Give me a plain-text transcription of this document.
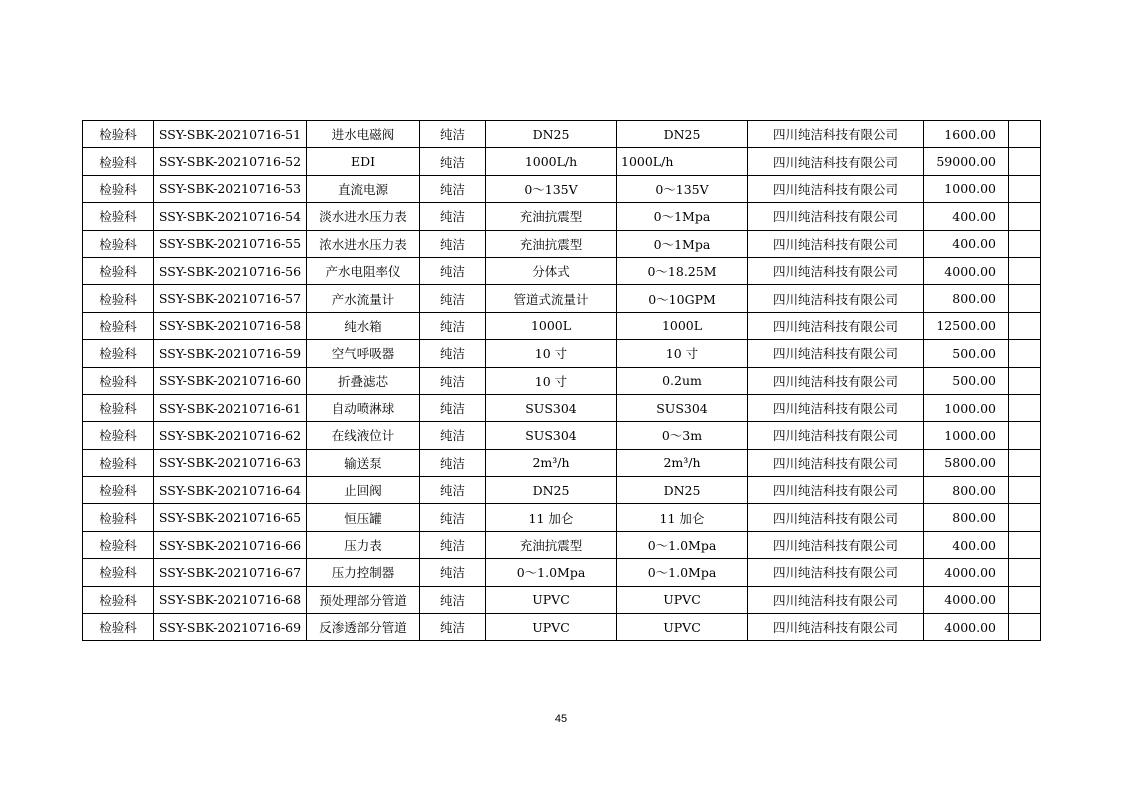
检验科	SSY-SBK-20210716-51	进水电磁阀	纯洁	DN25	DN25	四川纯洁科技有限公司	1600.00	
检验科	SSY-SBK-20210716-52	EDI	纯洁	1000L/h	1000L/h	四川纯洁科技有限公司	59000.00	
检验科	SSY-SBK-20210716-53	直流电源	纯洁	0～135V	0～135V	四川纯洁科技有限公司	1000.00	
检验科	SSY-SBK-20210716-54	淡水进水压力表	纯洁	充油抗震型	0～1Mpa	四川纯洁科技有限公司	400.00	
检验科	SSY-SBK-20210716-55	浓水进水压力表	纯洁	充油抗震型	0～1Mpa	四川纯洁科技有限公司	400.00	
检验科	SSY-SBK-20210716-56	产水电阻率仪	纯洁	分体式	0～18.25M	四川纯洁科技有限公司	4000.00	
检验科	SSY-SBK-20210716-57	产水流量计	纯洁	管道式流量计	0～10GPM	四川纯洁科技有限公司	800.00	
检验科	SSY-SBK-20210716-58	纯水箱	纯洁	1000L	1000L	四川纯洁科技有限公司	12500.00	
检验科	SSY-SBK-20210716-59	空气呼吸器	纯洁	10 寸	10 寸	四川纯洁科技有限公司	500.00	
检验科	SSY-SBK-20210716-60	折叠滤芯	纯洁	10 寸	0.2um	四川纯洁科技有限公司	500.00	
检验科	SSY-SBK-20210716-61	自动喷淋球	纯洁	SUS304	SUS304	四川纯洁科技有限公司	1000.00	
检验科	SSY-SBK-20210716-62	在线液位计	纯洁	SUS304	0～3m	四川纯洁科技有限公司	1000.00	
检验科	SSY-SBK-20210716-63	输送泵	纯洁	2m³/h	2m³/h	四川纯洁科技有限公司	5800.00	
检验科	SSY-SBK-20210716-64	止回阀	纯洁	DN25	DN25	四川纯洁科技有限公司	800.00	
检验科	SSY-SBK-20210716-65	恒压罐	纯洁	11 加仑	11 加仑	四川纯洁科技有限公司	800.00	
检验科	SSY-SBK-20210716-66	压力表	纯洁	充油抗震型	0～1.0Mpa	四川纯洁科技有限公司	400.00	
检验科	SSY-SBK-20210716-67	压力控制器	纯洁	0～1.0Mpa	0～1.0Mpa	四川纯洁科技有限公司	4000.00	
检验科	SSY-SBK-20210716-68	预处理部分管道	纯洁	UPVC	UPVC	四川纯洁科技有限公司	4000.00	
检验科	SSY-SBK-20210716-69	反渗透部分管道	纯洁	UPVC	UPVC	四川纯洁科技有限公司	4000.00	
45
